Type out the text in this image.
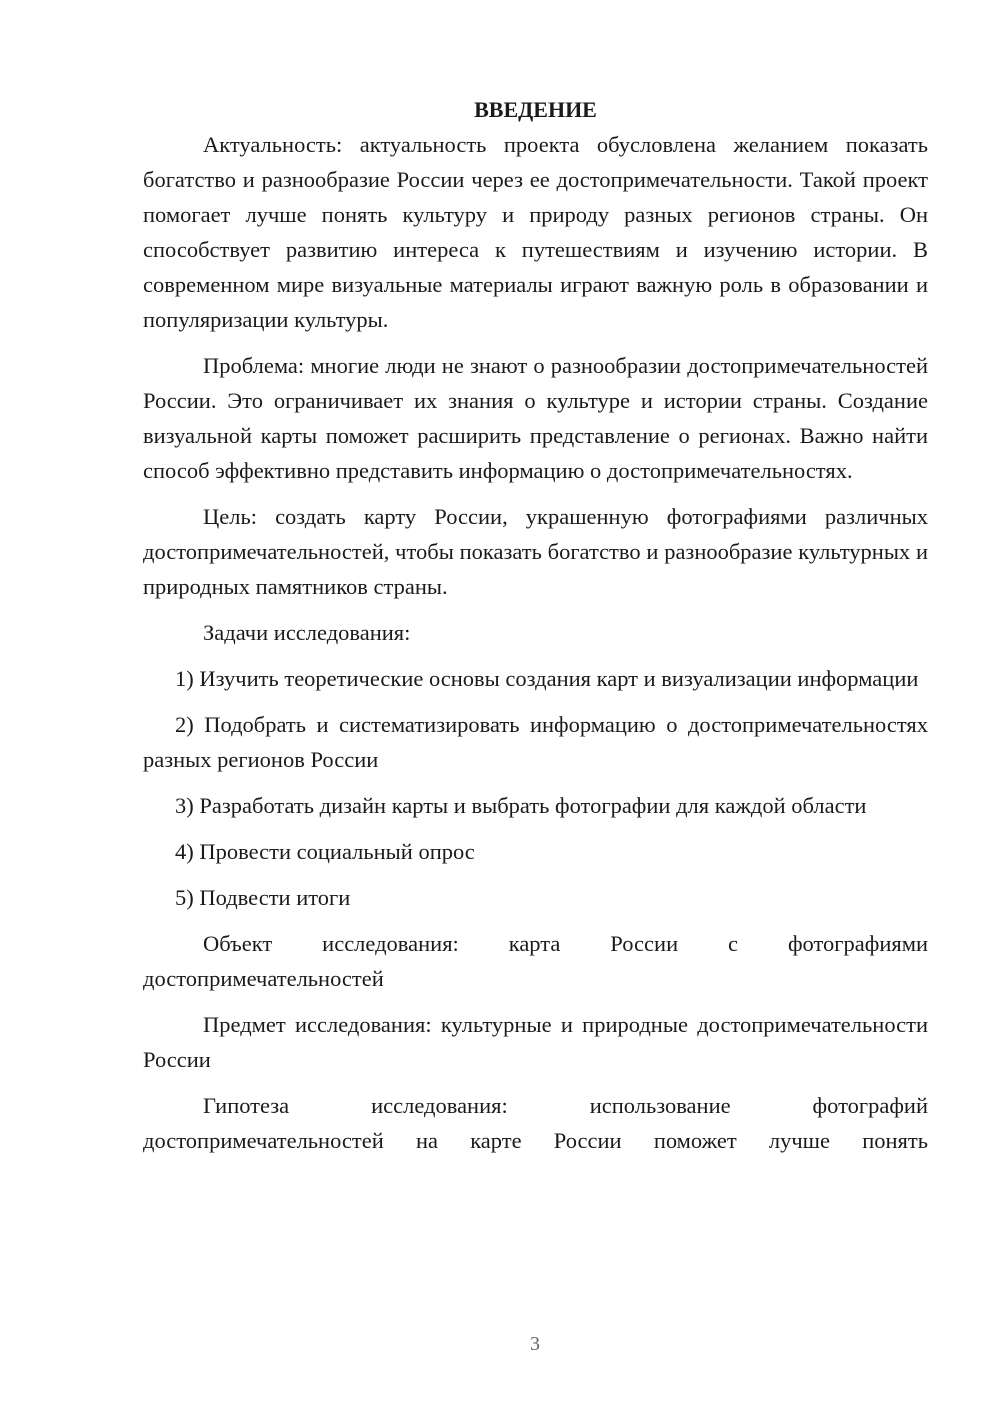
ВВЕДЕНИЕ

Актуальность: актуальность проекта обусловлена желанием показать богатство и разнообразие России через ее достопримечательности. Такой проект помогает лучше понять культуру и природу разных регионов страны. Он способствует развитию интереса к путешествиям и изучению истории. В современном мире визуальные материалы играют важную роль в образовании и популяризации культуры.

Проблема: многие люди не знают о разнообразии достопримечательностей России. Это ограничивает их знания о культуре и истории страны. Создание визуальной карты поможет расширить представление о регионах. Важно найти способ эффективно представить информацию о достопримечательностях.

Цель: создать карту России, украшенную фотографиями различных достопримечательностей, чтобы показать богатство и разнообразие культурных и природных памятников страны.

Задачи исследования:

1) Изучить теоретические основы создания карт и визуализации информации

2) Подобрать и систематизировать информацию о достопримечательностях разных регионов России

3) Разработать дизайн карты и выбрать фотографии для каждой области

4) Провести социальный опрос

5) Подвести итоги

Объект исследования: карта России с фотографиями достопримечательностей

Предмет исследования: культурные и природные достопримечательности России

Гипотеза исследования: использование фотографий достопримечательностей на карте России поможет лучше понять

3
